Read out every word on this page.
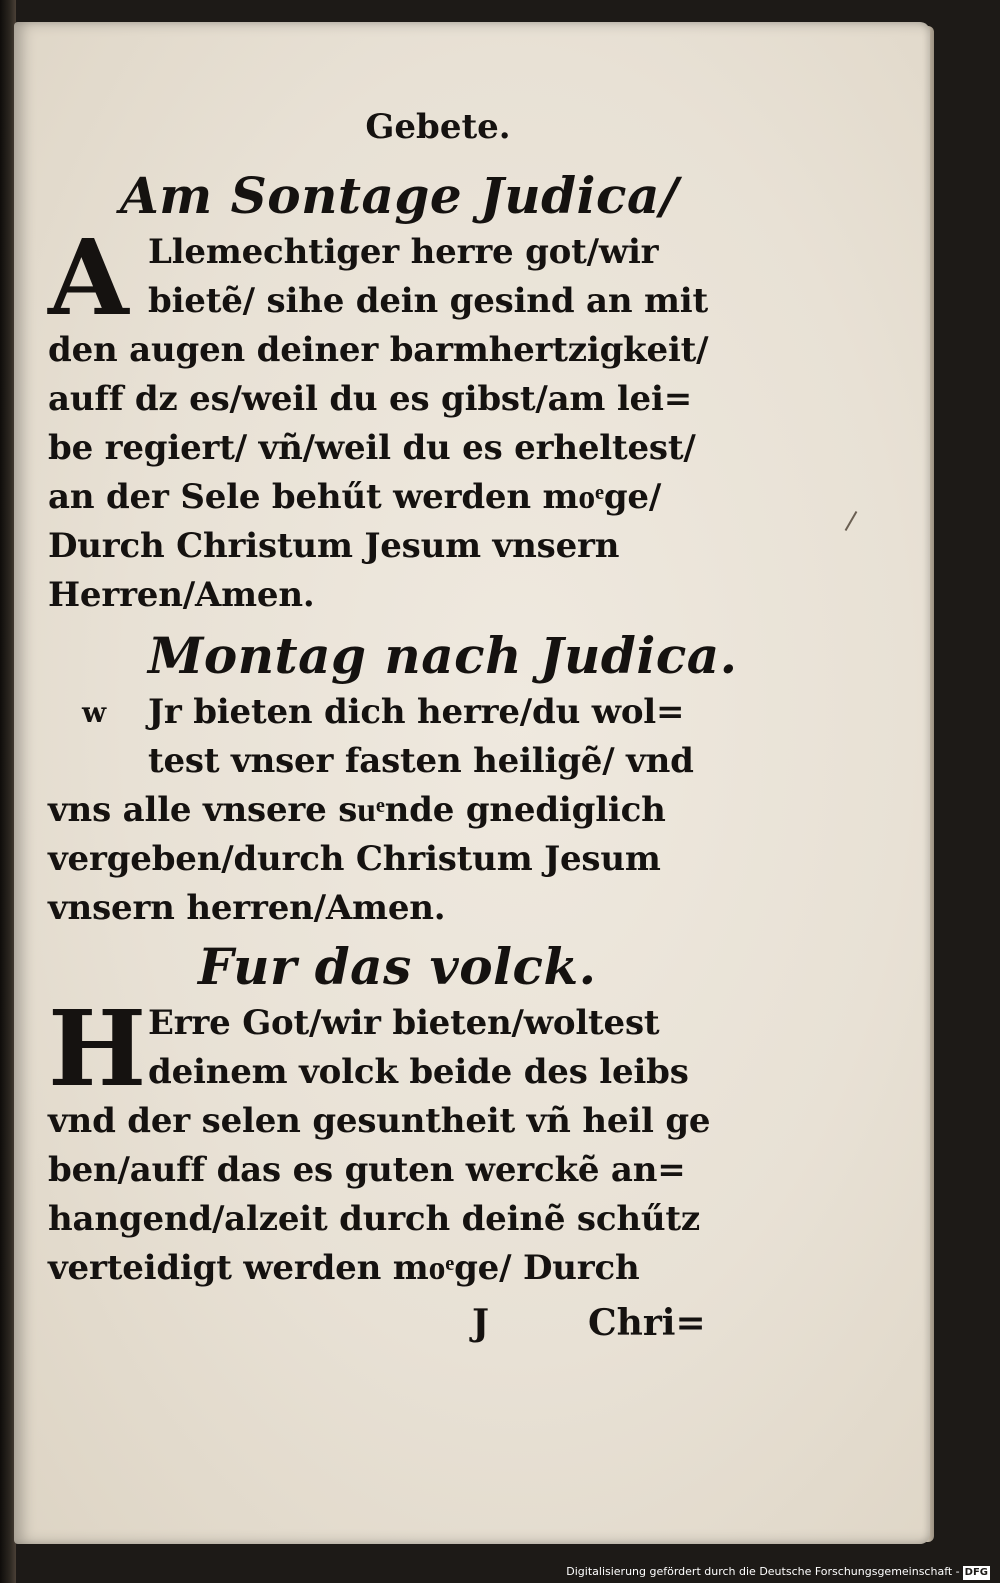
Gebete.
Am Sontage Judica/
A Llemechtiger herre got/wir
bietẽ/ sihe dein gesind an mit
den augen deiner barmhertzigkeit/
auff dz es/weil du es gibst/am lei=
be regiert/ vñ/weil du es erheltest/
an der Sele behűt werden moͤge/
Durch Christum Jesum vnsern
Herren/Amen.
Montag nach Judica.
w	Jr bieten dich herre/du wol=
test vnser fasten heiligẽ/ vnd
vns alle vnsere suͤnde gnediglich
vergeben/durch Christum Jesum
vnsern herren/Amen.
Fur das volck.
H Erre Got/wir bieten/woltest
deinem volck beide des leibs
vnd der selen gesuntheit vñ heil ge
ben/auff das es guten werckẽ an=
hangend/alzeit durch deinẽ schűtz
verteidigt werden moͤge/ Durch
J	Chri=
Digitalisierung gefördert durch die Deutsche Forschungsgemeinschaft - DFG
